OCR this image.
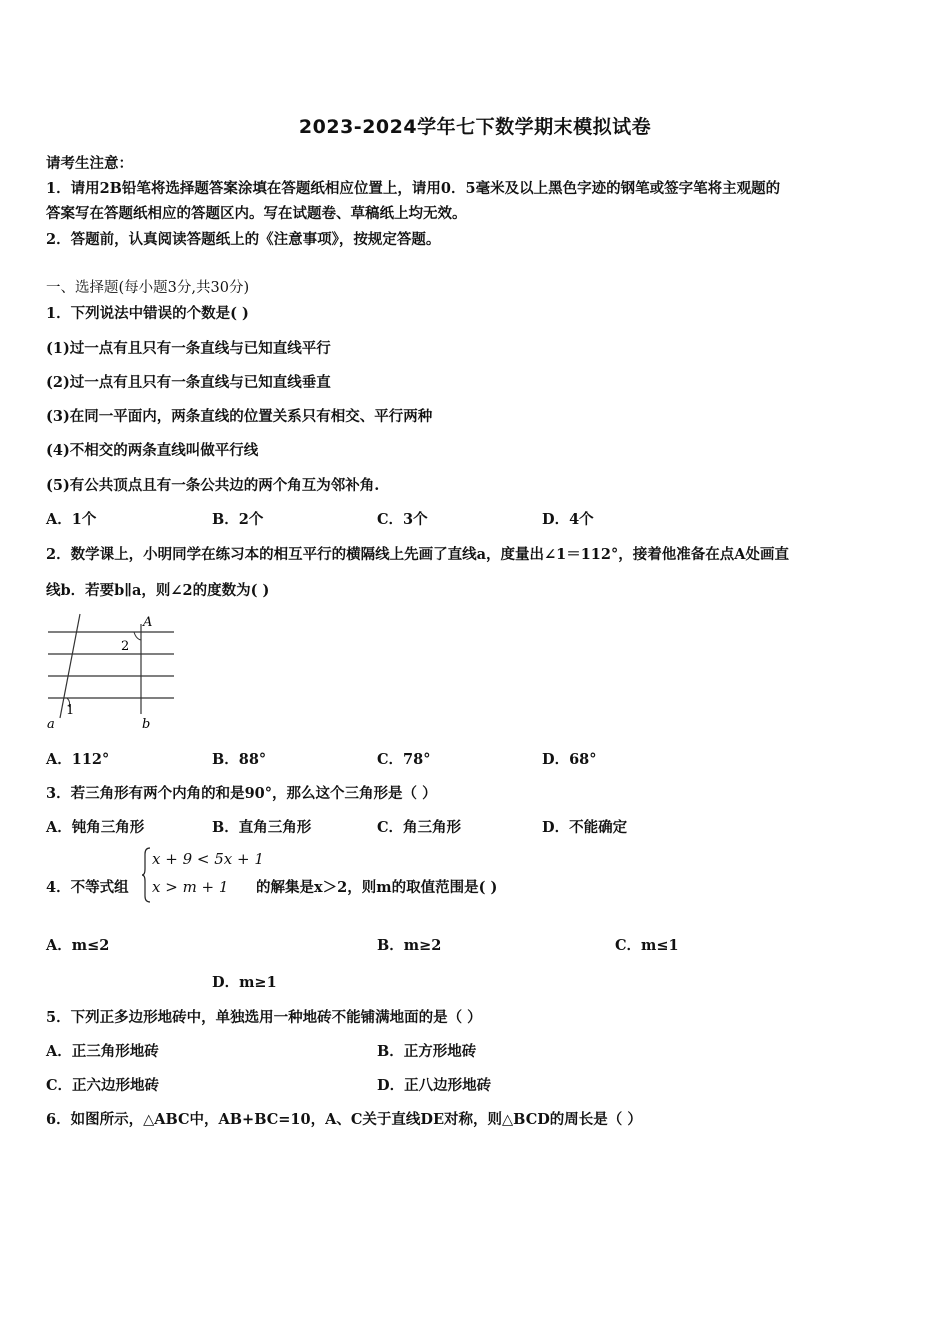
2023-2024学年七下数学期末模拟试卷
请考生注意：
1．请用2B铅笔将选择题答案涂填在答题纸相应位置上，请用0．5毫米及以上黑色字迹的钢笔或签字笔将主观题的
答案写在答题纸相应的答题区内。写在试题卷、草稿纸上均无效。
2．答题前，认真阅读答题纸上的《注意事项》，按规定答题。
一、选择题(每小题3分,共30分)
1．下列说法中错误的个数是( )
(1)过一点有且只有一条直线与已知直线平行
(2)过一点有且只有一条直线与已知直线垂直
(3)在同一平面内，两条直线的位置关系只有相交、平行两种
(4)不相交的两条直线叫做平行线
(5)有公共顶点且有一条公共边的两个角互为邻补角.
A．1个	B．2个	C．3个	D．4个
2．数学课上，小明同学在练习本的相互平行的横隔线上先画了直线a，度量出∠1＝112°，接着他准备在点A处画直
线b．若要b∥a，则∠2的度数为( )
a	b
A
1
2
A．112°	B．88°	C．78°	D．68°
3．若三角形有两个内角的和是90°，那么这个三角形是（ ）
A．钝角三角形	B．直角三角形	C．角三角形	D．不能确定
4．不等式组
x + 9 < 5x + 1
x > m + 1 的解集是x＞2，则m的取值范围是( )
A．m≤2	B．m≥2	C．m≤1
D．m≥1
5．下列正多边形地砖中，单独选用一种地砖不能铺满地面的是（ ）
A．正三角形地砖	B．正方形地砖
C．正六边形地砖	D．正八边形地砖
6．如图所示，△ABC中，AB+BC=10，A、C关于直线DE对称，则△BCD的周长是（ ）
